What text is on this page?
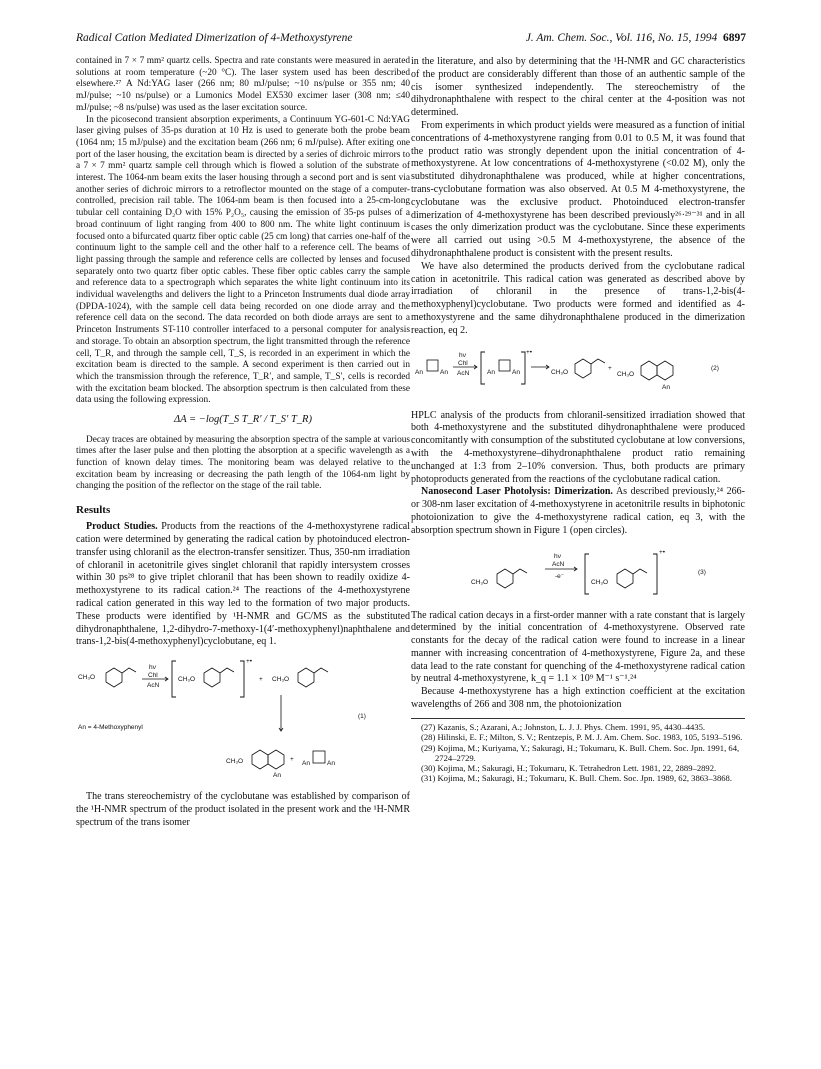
Radical Cation Mediated Dimerization of 4-Methoxystyrene	J. Am. Chem. Soc., Vol. 116, No. 15, 1994 6897

contained in 7 × 7 mm² quartz cells. Spectra and rate constants were measured in aerated solutions at room temperature (~20 °C). The laser system used has been described elsewhere.²⁷ A Nd:YAG laser (266 nm; 80 mJ/pulse; ~10 ns/pulse or 355 nm; 40 mJ/pulse; ~10 ns/pulse) or a Lumonics Model EX530 excimer laser (308 nm; ≤40 mJ/pulse; ~8 ns/pulse) was used as the laser excitation source.

In the picosecond transient absorption experiments, a Continuum YG-601-C Nd:YAG laser giving pulses of 35-ps duration at 10 Hz is used to generate both the probe beam (1064 nm; 15 mJ/pulse) and the excitation beam (266 nm; 6 mJ/pulse). After exiting one port of the laser housing, the excitation beam is directed by a series of dichroic mirrors to a 7 × 7 mm² quartz sample cell through which is flowed a solution of the substrate of interest. The 1064-nm beam exits the laser housing through a second port and is sent via another series of dichroic mirrors to a retroflector mounted on the stage of a computer-controlled, precision rail table. The 1064-nm beam is then focused into a 25-cm-long tubular cell containing D₂O with 15% P₂O₅, causing the emission of 35-ps pulses of a broad continuum of light ranging from 400 to 800 nm. The white light continuum is focused onto a bifurcated quartz fiber optic cable (25 cm long) that carries one-half of the continuum light to the sample cell and the other half to a reference cell. The beams of light passing through the sample and reference cells are collected by lenses and focused separately onto two quartz fiber optic cables. These fiber optic cables carry the sample and reference data to a spectrograph which separates the white light continuum into its individual wavelengths and delivers the light to a Princeton Instruments dual diode array (DPDA-1024), with the sample cell data being recorded on one diode array and the reference cell data on the second. The data recorded on both diode arrays are sent to a Princeton Instruments ST-110 controller interfaced to a personal computer for analysis and storage. To obtain an absorption spectrum, the light transmitted through the reference cell, T_R, and through the sample cell, T_S, is recorded in an experiment in which the excitation beam is directed to the sample. A second experiment is then carried out in which the transmission through the reference, T_R′, and sample, T_S′, cells is recorded with the excitation beam blocked. The absorption spectrum is then calculated from these data using the following expression.

ΔA = −log(T_S T_R′ / T_S′ T_R)

Decay traces are obtained by measuring the absorption spectra of the sample at various times after the laser pulse and then plotting the absorption at a specific wavelength as a function of known delay times. The monitoring beam was delayed relative to the excitation beam by increasing or decreasing the path length of the 1064-nm light by changing the position of the reflector on the stage of the rail table.

Results

Product Studies. Products from the reactions of the 4-methoxystyrene radical cation were determined by generating the radical cation by photoinduced electron-transfer using chloranil as the electron-transfer sensitizer. Thus, 350-nm irradiation of chloranil in acetonitrile gives singlet chloranil that rapidly intersystem crosses within 30 ps²⁸ to give triplet chloranil that has been shown to readily oxidize 4-methoxystyrene to its radical cation.²⁴ The reactions of the 4-methoxystyrene radical cation generated in this way led to the formation of two major products. These products were identified by ¹H-NMR and GC/MS as the substituted dihydronaphthalene, 1,2-dihydro-7-methoxy-1(4′-methoxyphenyl)naphthalene and trans-1,2-bis(4-methoxyphenyl)cyclobutane, eq 1.

CH₃O
hν
Chl
AcN
CH₃O
+•
+ CH₃O
(1)
An = 4-Methoxyphenyl
CH₃O
An
+
An	An

The trans stereochemistry of the cyclobutane was established by comparison of the ¹H-NMR spectrum of the product isolated in the present work and the ¹H-NMR spectrum of the trans isomer

in the literature, and also by determining that the ¹H-NMR and GC characteristics of the product are considerably different than those of an authentic sample of the cis isomer synthesized independently. The stereochemistry of the dihydronaphthalene with respect to the chiral center at the 4-position was not determined.

From experiments in which product yields were measured as a function of initial concentrations of 4-methoxystyrene ranging from 0.01 to 0.5 M, it was found that the product ratio was strongly dependent upon the initial concentration of 4-methoxystyrene. At low concentrations of 4-methoxystyrene (<0.02 M), only the substituted dihydronaphthalene was produced, while at higher concentrations, trans-cyclobutane formation was also observed. At 0.5 M 4-methoxystyrene, the cyclobutane was the exclusive product. Photoinduced electron-transfer dimerization of 4-methoxystyrene has been described previously²⁶·²⁹⁻³¹ and in all cases the only dimerization product was the cyclobutane. Since these experiments were all carried out using >0.5 M 4-methoxystyrene, the absence of the dihydronaphthalene product is consistent with the present results.

We have also determined the products derived from the cyclobutane radical cation in acetonitrile. This radical cation was generated as described above by irradiation of chloranil in the presence of trans-1,2-bis(4-methoxyphenyl)cyclobutane. Two products were formed and identified as 4-methoxystyrene and the same dihydronaphthalene produced in the dimerization reaction, eq 2.

An	An
hν
Chl
AcN	An	An
+•
CH₃O
+
CH₃O
An
(2)

HPLC analysis of the products from chloranil-sensitized irradiation showed that both 4-methoxystyrene and the substituted dihydronaphthalene were produced concomitantly with consumption of the substituted cyclobutane at low conversions, with the 4-methoxystyrene–dihydronaphthalene product ratio remaining unchanged at 1:3 from 2–10% conversion. Thus, both products are primary photoproducts generated from the reactions of the cyclobutane radical cation.

Nanosecond Laser Photolysis: Dimerization. As described previously,²⁴ 266- or 308-nm laser excitation of 4-methoxystyrene in acetonitrile results in biphotonic photoionization to give the 4-methoxystyrene radical cation, eq 3, with the absorption spectrum shown in Figure 1 (open circles).

CH₃O
hν
AcN
-e⁻
CH₃O
+•
(3)

The radical cation decays in a first-order manner with a rate constant that is largely determined by the initial concentration of 4-methoxystyrene. Observed rate constants for the decay of the radical cation were found to increase in a linear manner with increasing concentration of 4-methoxystyrene, Figure 2a, and these data lead to the rate constant for quenching of the 4-methoxystyrene radical cation by neutral 4-methoxystyrene, k_q = 1.1 × 10⁹ M⁻¹ s⁻¹.²⁴

Because 4-methoxystyrene has a high extinction coefficient at the excitation wavelengths of 266 and 308 nm, the photoionization

(27) Kazanis, S.; Azarani, A.; Johnston, L. J. J. Phys. Chem. 1991, 95, 4430–4435.
(28) Hilinski, E. F.; Milton, S. V.; Rentzepis, P. M. J. Am. Chem. Soc. 1983, 105, 5193–5196.
(29) Kojima, M.; Kuriyama, Y.; Sakuragi, H.; Tokumaru, K. Bull. Chem. Soc. Jpn. 1991, 64, 2724–2729.
(30) Kojima, M.; Sakuragi, H.; Tokumaru, K. Tetrahedron Lett. 1981, 22, 2889–2892.
(31) Kojima, M.; Sakuragi, H.; Tokumaru, K. Bull. Chem. Soc. Jpn. 1989, 62, 3863–3868.
